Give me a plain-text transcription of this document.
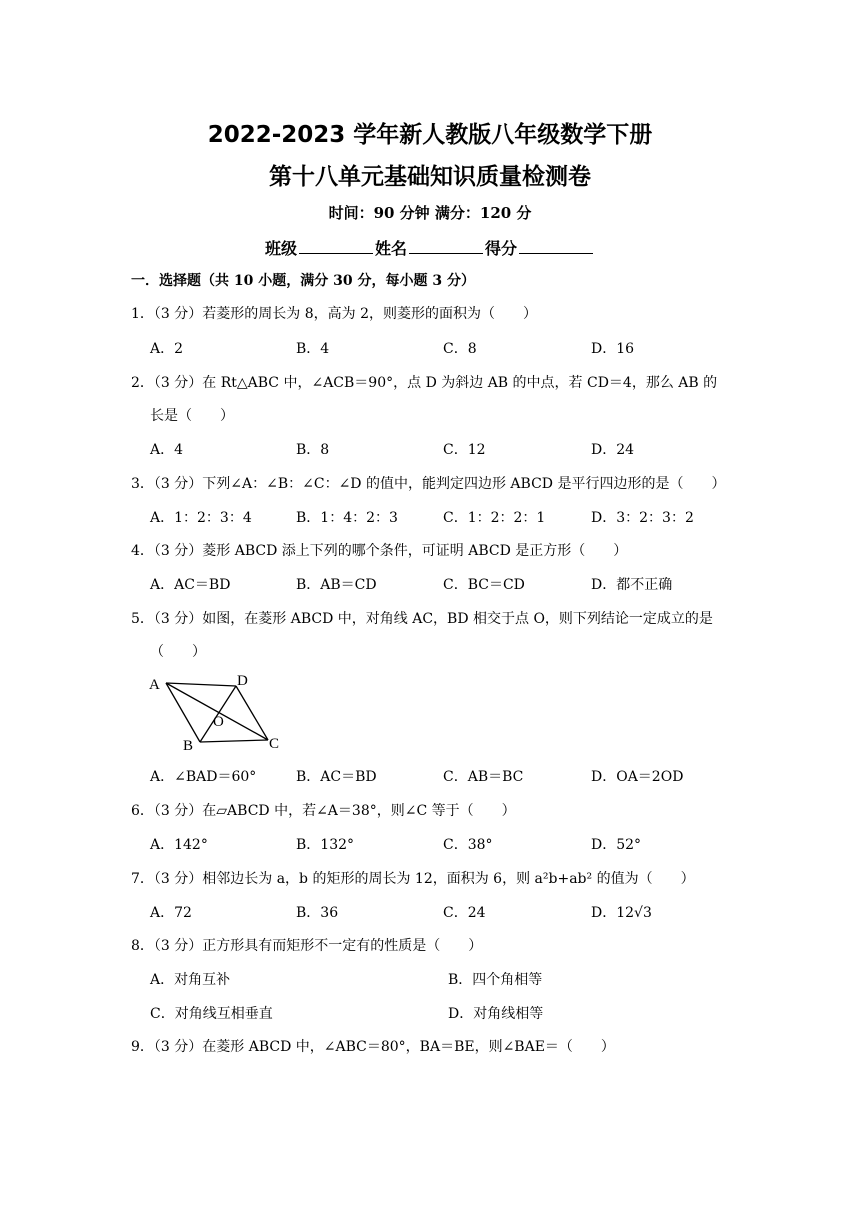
2022-2023 学年新人教版八年级数学下册
第十八单元基础知识质量检测卷
时间：90 分钟 满分：120 分
班级	姓名	得分
一．选择题（共 10 小题，满分 30 分，每小题 3 分）
1．（3 分）若菱形的周长为 8，高为 2，则菱形的面积为（　　）
A．2	B．4	C．8	D．16
2．（3 分）在 Rt△ABC 中，∠ACB＝90°，点 D 为斜边 AB 的中点，若 CD＝4，那么 AB 的
长是（　　）
A．4	B．8	C．12	D．24
3．（3 分）下列∠A：∠B：∠C：∠D 的值中，能判定四边形 ABCD 是平行四边形的是（　　）
A．1：2：3：4	B．1：4：2：3	C．1：2：2：1	D．3：2：3：2
4．（3 分）菱形 ABCD 添上下列的哪个条件，可证明 ABCD 是正方形（　　）
A．AC＝BD	B．AB＝CD	C．BC＝CD	D．都不正确
5．（3 分）如图，在菱形 ABCD 中，对角线 AC，BD 相交于点 O，则下列结论一定成立的是
（　　）
A	D
O
B	C
A．∠BAD＝60°	B．AC＝BD	C．AB＝BC	D．OA＝2OD
6．（3 分）在▱ABCD 中，若∠A＝38°，则∠C 等于（　　）
A．142°	B．132°	C．38°	D．52°
7．（3 分）相邻边长为 a，b 的矩形的周长为 12，面积为 6，则 a²b+ab² 的值为（　　）
A．72	B．36	C．24	D．12√3
8．（3 分）正方形具有而矩形不一定有的性质是（　　）
A．对角互补	B．四个角相等
C．对角线互相垂直	D．对角线相等
9．（3 分）在菱形 ABCD 中，∠ABC＝80°，BA＝BE，则∠BAE＝（　　）
